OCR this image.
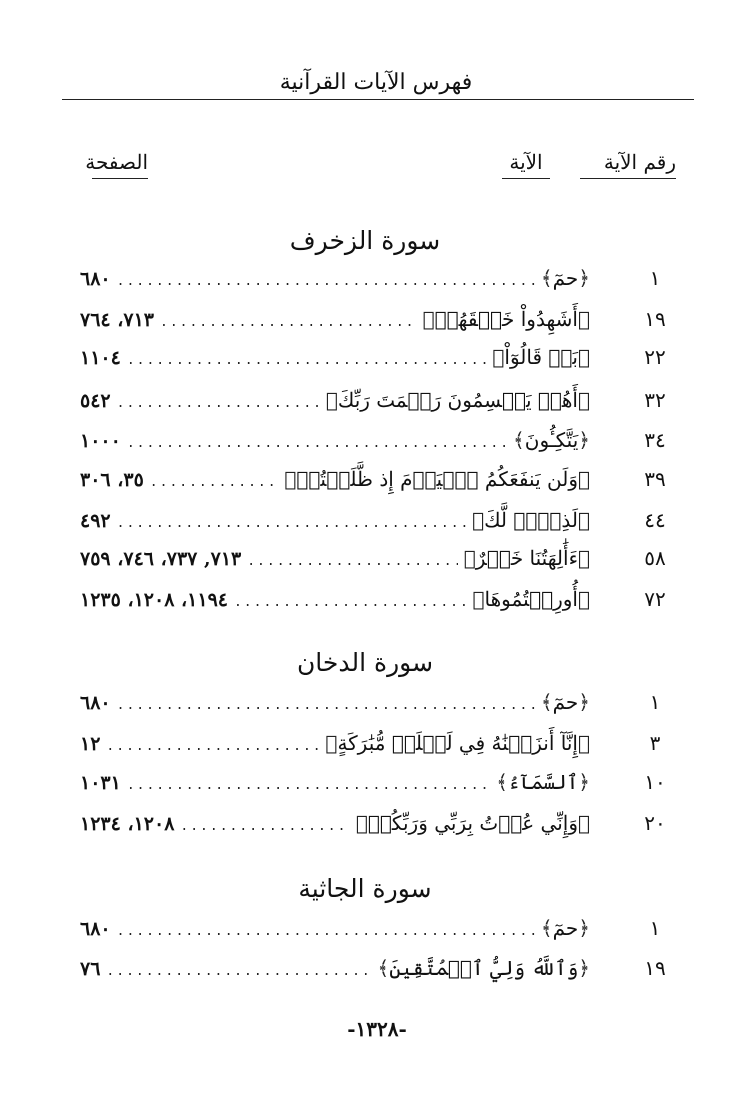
فهرس الآيات القرآنية
رقم الآية
الآية
الصفحة
سورة الزخرف
١
﴿حمٓ﴾
.....
٦٨٠
١٩
﴿أَشَهِدُواْ خَلۡقَهُمۡ﴾
.....
٧١٣، ٧٦٤
٢٢
﴿بَلۡ قَالُوٓاْ﴾
.....
١١٠٤
٣٢
﴿أَهُمۡ يَقۡسِمُونَ رَحۡمَتَ رَبِّكَ﴾
.....
٥٤٢
٣٤
﴿يَتَّكِـُٔونَ﴾
.....
١٠٠٠
٣٩
﴿وَلَن يَنفَعَكُمُ ٱلۡيَوۡمَ إِذ ظَّلَمۡتُمۡ﴾
.....
٣٥، ٣٠٦
٤٤
﴿لَذِكۡرٞ لَّكَ﴾
.....
٤٩٢
٥٨
﴿ءَأَٰلِهَتُنَا خَيۡرٌ﴾
.....
٧١٣, ٧٣٧، ٧٤٦، ٧٥٩
٧٢
﴿أُورِثۡتُمُوهَا﴾
.....
١١٩٤، ١٢٠٨، ١٢٣٥
سورة الدخان
١
﴿حمٓ﴾
.....
٦٨٠
٣
﴿إِنَّآ أَنزَلۡنَٰهُ فِي لَيۡلَةٖ مُّبَٰرَكَةٍ﴾
.....
١٢
١٠
﴿ٱلسَّمَآءُ﴾
.....
١٠٣١
٢٠
﴿وَإِنِّي عُذۡتُ بِرَبِّي وَرَبِّكُمۡ﴾
.....
١٢٠٨، ١٢٣٤
سورة الجاثية
١
﴿حمٓ﴾
.....
٦٨٠
١٩
﴿وَٱللَّهُ وَلِيُّ ٱلۡمُتَّقِينَ﴾
.....
٧٦
-١٣٢٨-
